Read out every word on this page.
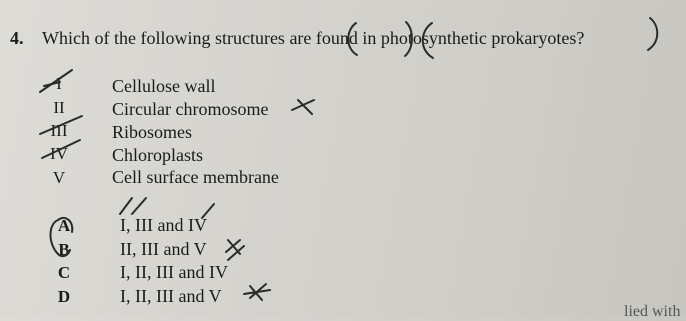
4. Which of the following structures are found in photosynthetic prokaryotes?
I	Cellulose wall
II	Circular chromosome
III	Ribosomes
IV	Chloroplasts
V	Cell surface membrane
A	I, III and IV
B	II, III and V
C	I, II, III and IV
D	I, II, III and V
lied with
